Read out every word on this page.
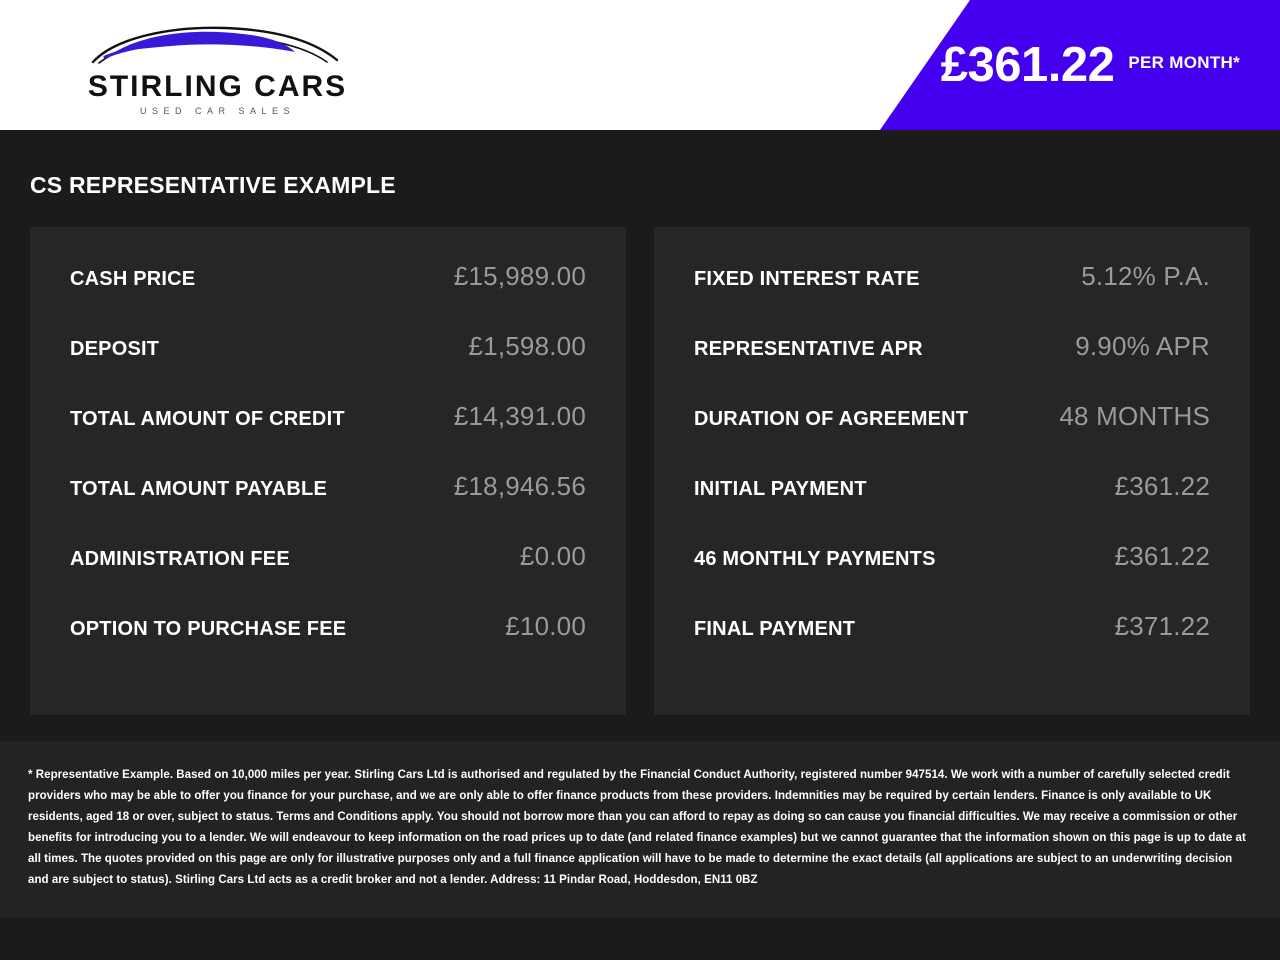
STIRLING CARS
USED CAR SALES
£361.22 PER MONTH*
CS REPRESENTATIVE EXAMPLE
CASH PRICE	£15,989.00
DEPOSIT	£1,598.00
TOTAL AMOUNT OF CREDIT	£14,391.00
TOTAL AMOUNT PAYABLE	£18,946.56
ADMINISTRATION FEE	£0.00
OPTION TO PURCHASE FEE	£10.00
FIXED INTEREST RATE	5.12% P.A.
REPRESENTATIVE APR	9.90% APR
DURATION OF AGREEMENT	48 MONTHS
INITIAL PAYMENT	£361.22
46 MONTHLY PAYMENTS	£361.22
FINAL PAYMENT	£371.22

* Representative Example. Based on 10,000 miles per year. Stirling Cars Ltd is authorised and regulated by the Financial Conduct Authority, registered number 947514. We work with a number of carefully selected credit providers who may be able to offer you finance for your purchase, and we are only able to offer finance products from these providers. Indemnities may be required by certain lenders. Finance is only available to UK residents, aged 18 or over, subject to status. Terms and Conditions apply. You should not borrow more than you can afford to repay as doing so can cause you financial difficulties. We may receive a commission or other benefits for introducing you to a lender. We will endeavour to keep information on the road prices up to date (and related finance examples) but we cannot guarantee that the information shown on this page is up to date at all times. The quotes provided on this page are only for illustrative purposes only and a full finance application will have to be made to determine the exact details (all applications are subject to an underwriting decision and are subject to status). Stirling Cars Ltd acts as a credit broker and not a lender. Address: 11 Pindar Road, Hoddesdon, EN11 0BZ
